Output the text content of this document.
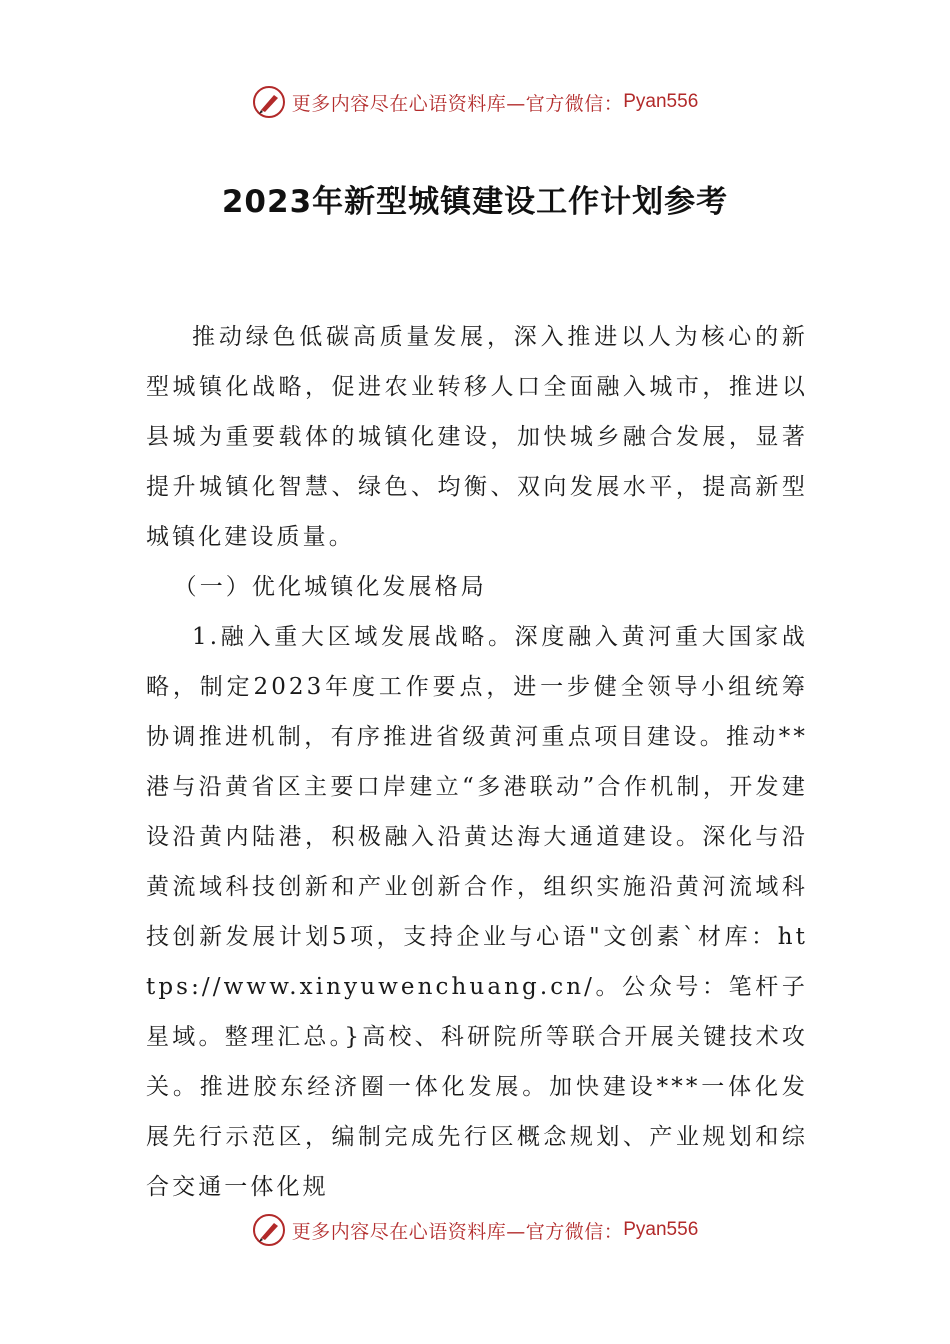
更多内容尽在心语资料库—官方微信： Pyan556
2023年新型城镇建设工作计划参考

推动绿色低碳高质量发展，深入推进以人为核心的新型城镇化战略，促进农业转移人口全面融入城市，推进以县城为重要载体的城镇化建设，加快城乡融合发展，显著提升城镇化智慧、绿色、均衡、双向发展水平，提高新型城镇化建设质量。

（一）优化城镇化发展格局

1.融入重大区域发展战略。深度融入黄河重大国家战略，制定2023年度工作要点，进一步健全领导小组统筹协调推进机制，有序推进省级黄河重点项目建设。推动**港与沿黄省区主要口岸建立“多港联动”合作机制，开发建设沿黄内陆港，积极融入沿黄达海大通道建设。深化与沿黄流域科技创新和产业创新合作，组织实施沿黄河流域科技创新发展计划5项，支持企业与心语"文创素`材库：https://www.xinyuwenchuang.cn/。公众号：笔杆子星域。整理汇总。}高校、科研院所等联合开展关键技术攻关。推进胶东经济圈一体化发展。加快建设***一体化发展先行示范区，编制完成先行区概念规划、产业规划和综合交通一体化规

更多内容尽在心语资料库—官方微信： Pyan556
